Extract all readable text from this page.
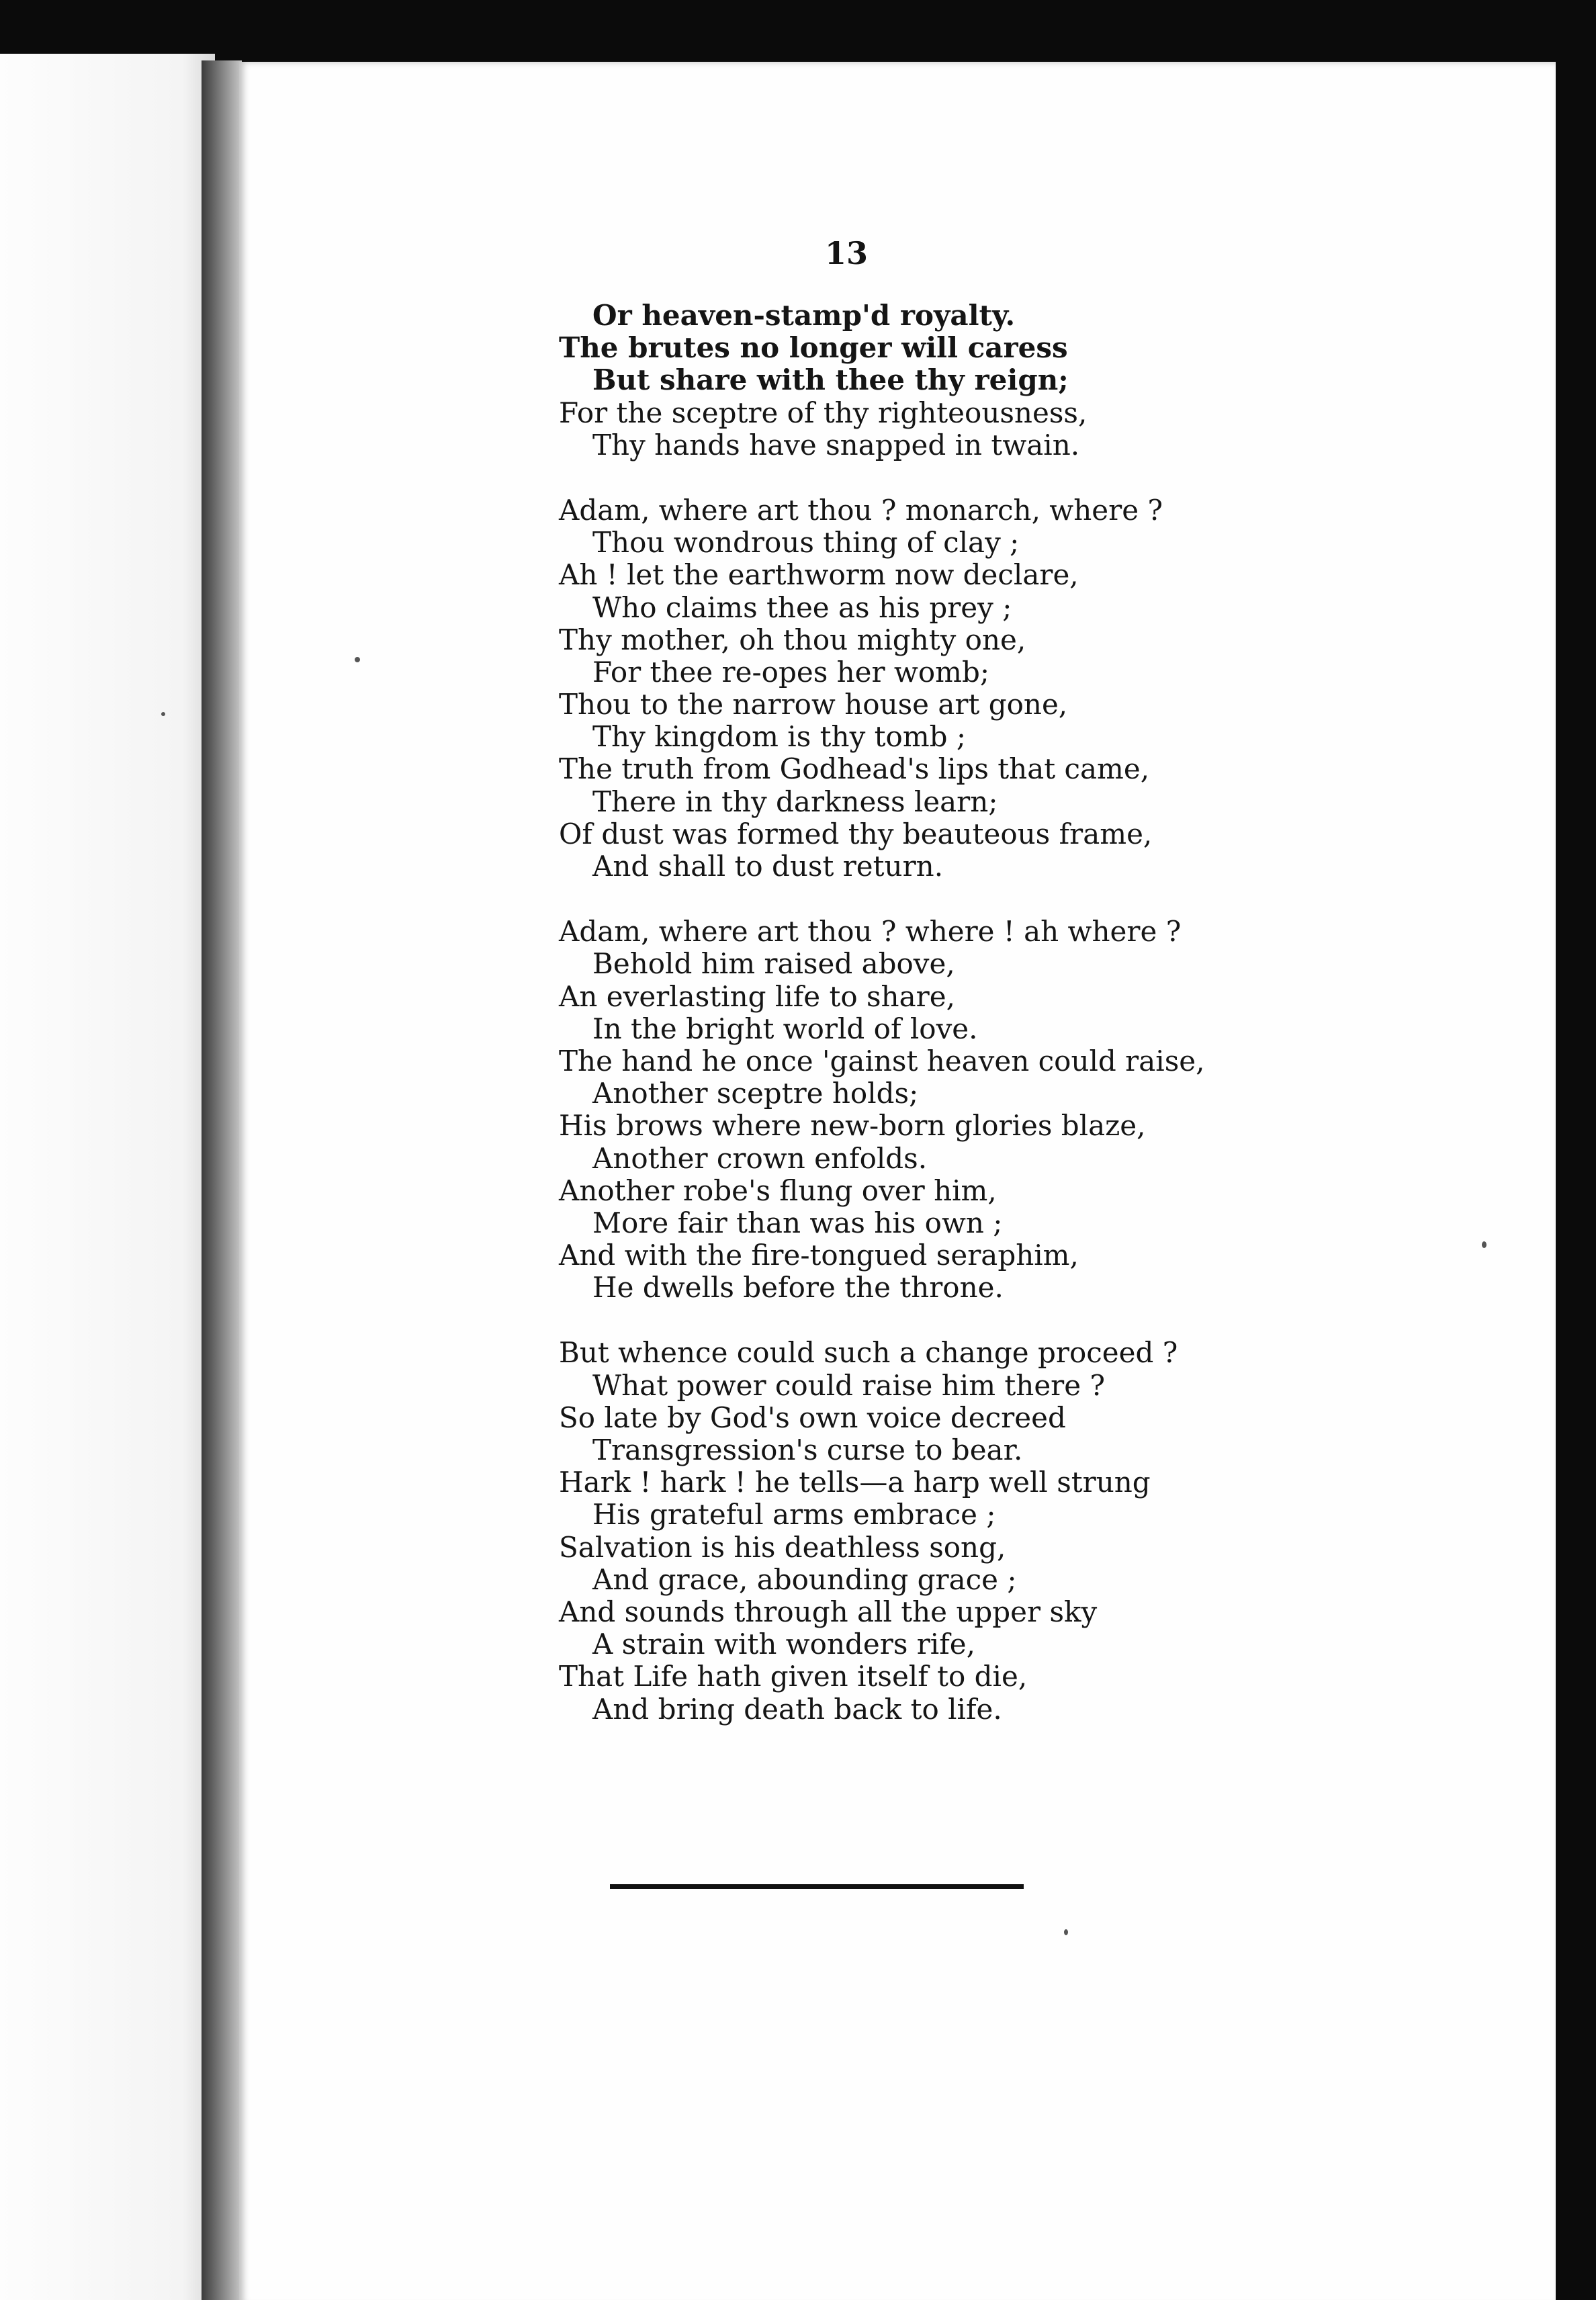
13
Or heaven-stamp'd royalty.
The brutes no longer will caress
But share with thee thy reign;
For the sceptre of thy righteousness,
Thy hands have snapped in twain.
Adam, where art thou ? monarch, where ?
Thou wondrous thing of clay ;
Ah ! let the earthworm now declare,
Who claims thee as his prey ;
Thy mother, oh thou mighty one,
For thee re-opes her womb;
Thou to the narrow house art gone,
Thy kingdom is thy tomb ;
The truth from Godhead's lips that came,
There in thy darkness learn;
Of dust was formed thy beauteous frame,
And shall to dust return.
Adam, where art thou ? where ! ah where ?
Behold him raised above,
An everlasting life to share,
In the bright world of love.
The hand he once 'gainst heaven could raise,
Another sceptre holds;
His brows where new-born glories blaze,
Another crown enfolds.
Another robe's flung over him,
More fair than was his own ;
And with the fire-tongued seraphim,
He dwells before the throne.
But whence could such a change proceed ?
What power could raise him there ?
So late by God's own voice decreed
Transgression's curse to bear.
Hark ! hark ! he tells—a harp well strung
His grateful arms embrace ;
Salvation is his deathless song,
And grace, abounding grace ;
And sounds through all the upper sky
A strain with wonders rife,
That Life hath given itself to die,
And bring death back to life.
